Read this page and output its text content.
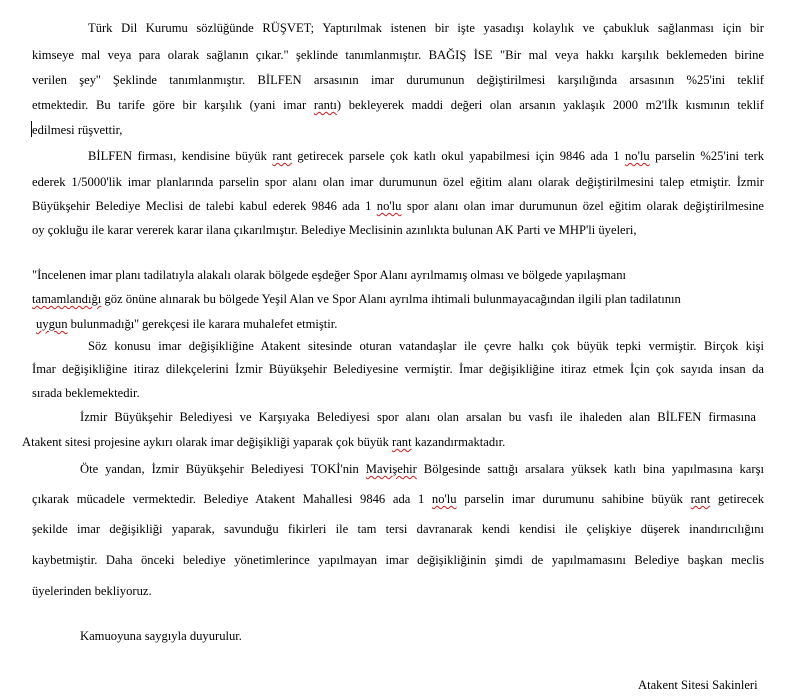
Türk Dil Kurumu sözlüğünde RÜŞVET; Yaptırılmak istenen bir işte yasadışı kolaylık ve çabukluk sağlanması için bir
kimseye mal veya para olarak sağlanın çıkar." şeklinde tanımlanmıştır. BAĞIŞ İSE "Bir mal veya hakkı karşılık beklemeden birine
verilen şey'' Şeklinde tanımlanmıştır. BİLFEN arsasının imar durumunun değiştirilmesi karşılığında arsasının %25'ini teklif
etmektedir. Bu tarife göre bir karşılık (yani imar rantı) bekleyerek maddi değeri olan arsanın yaklaşık 2000 m2'lİk kısmının teklif
edilmesi rüşvettir,
BİLFEN firması, kendisine büyük rant getirecek parsele çok katlı okul yapabilmesi için 9846 ada 1 no'lu parselin %25'ini terk
ederek 1/5000'lik imar planlarında parselin spor alanı olan imar durumunun özel eğitim alanı olarak değiştirilmesini talep etmiştir. İzmir
Büyükşehir Belediye Meclisi de talebi kabul ederek 9846 ada 1 no'lu spor alanı olan imar durumunun özel eğitim olarak değiştirilmesine
oy çokluğu ile karar vererek karar ilana çıkarılmıştır. Belediye Meclisinin azınlıkta bulunan AK Parti ve MHP'li üyeleri,
"İncelenen imar planı tadilatıyla alakalı olarak bölgede eşdeğer Spor Alanı ayrılmamış olması ve bölgede yapılaşmanı
tamamlandığı göz önüne alınarak bu bölgede Yeşil Alan ve Spor Alanı ayrılma ihtimali bulunmayacağından ilgili plan tadilatının
uygun bulunmadığı'' gerekçesi ile karara muhalefet etmiştir.
Söz konusu imar değişikliğine Atakent sitesinde oturan vatandaşlar ile çevre halkı çok büyük tepki vermiştir. Birçok kişi
İmar değişikliğine itiraz dilekçelerini İzmir Büyükşehir Belediyesine vermiştir. İmar değişikliğine itiraz etmek İçin çok sayıda insan da
sırada beklemektedir.
İzmir Büyükşehir Belediyesi ve Karşıyaka Belediyesi spor alanı olan arsalan bu vasfı ile ihaleden alan BİLFEN firmasına
Atakent sitesi projesine aykırı olarak imar değişikliği yaparak çok büyük rant kazandırmaktadır.
Öte yandan, İzmir Büyükşehir Belediyesi TOKİ'nin Mavişehir Bölgesinde sattığı arsalara yüksek katlı bina yapılmasına karşı
çıkarak mücadele vermektedir. Belediye Atakent Mahallesi 9846 ada 1 no'lu parselin imar durumunu sahibine büyük rant getirecek
şekilde imar değişikliği yaparak, savunduğu fikirleri ile tam tersi davranarak kendi kendisi ile çelişkiye düşerek inandırıcılığını
kaybetmiştir. Daha önceki belediye yönetimlerince yapılmayan imar değişikliğinin şimdi de yapılmamasını Belediye başkan meclis
üyelerinden bekliyoruz.
Kamuoyuna saygıyla duyurulur.
Atakent Sitesi Sakinleri
